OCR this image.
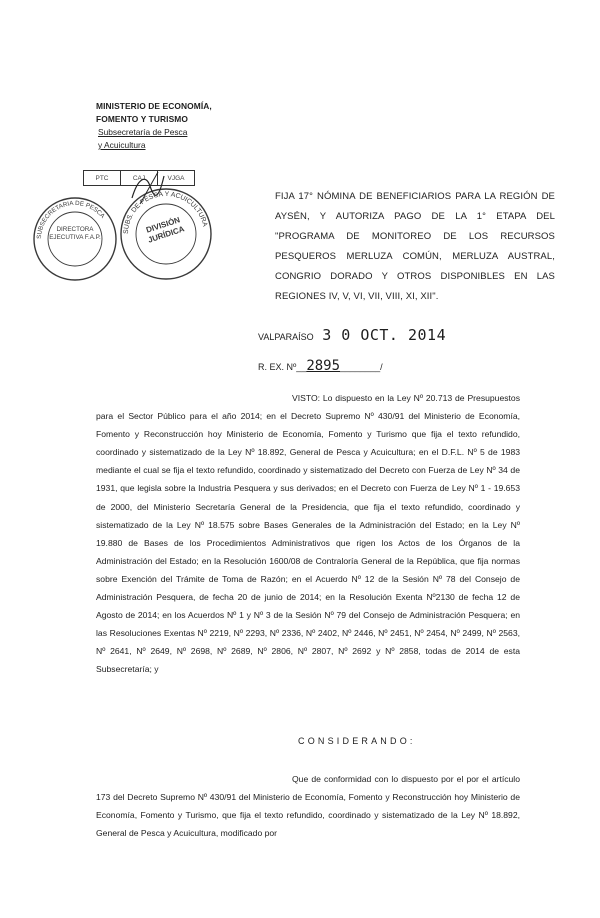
MINISTERIO DE ECONOMÍA,
FOMENTO Y TURISMO
Subsecretaría de Pesca
y Acuicultura
PTC	CAJ	VJGA
SUBSECRETARIA DE PESCA
DIRECTORA EJECUTIVA F.A.P.
SUBS. DE PESCA Y ACUICULTURA
DIVISIÓN JURÍDICA
FIJA 17° NÓMINA DE BENEFICIARIOS PARA LA REGIÓN DE AYSÉN, Y AUTORIZA PAGO DE LA 1° ETAPA DEL "PROGRAMA DE MONITOREO DE LOS RECURSOS PESQUEROS MERLUZA COMÚN, MERLUZA AUSTRAL, CONGRIO DORADO Y OTROS DISPONIBLES EN LAS REGIONES IV, V, VI, VII, VIII, XI, XII".
VALPARAÍSO 3 0 OCT. 2014
R. EX. Nº__2895________/
VISTO: Lo dispuesto en la Ley Nº 20.713 de Presupuestos para el Sector Público para el año 2014; en el Decreto Supremo Nº 430/91 del Ministerio de Economía, Fomento y Reconstrucción hoy Ministerio de Economía, Fomento y Turismo que fija el texto refundido, coordinado y sistematizado de la Ley Nº 18.892, General de Pesca y Acuicultura; en el D.F.L. Nº 5 de 1983 mediante el cual se fija el texto refundido, coordinado y sistematizado del Decreto con Fuerza de Ley Nº 34 de 1931, que legisla sobre la Industria Pesquera y sus derivados; en el Decreto con Fuerza de Ley Nº 1 - 19.653 de 2000, del Ministerio Secretaría General de la Presidencia, que fija el texto refundido, coordinado y sistematizado de la Ley Nº 18.575 sobre Bases Generales de la Administración del Estado; en la Ley Nº 19.880 de Bases de los Procedimientos Administrativos que rigen los Actos de los Órganos de la Administración del Estado; en la Resolución 1600/08 de Contraloría General de la República, que fija normas sobre Exención del Trámite de Toma de Razón; en el Acuerdo Nº 12 de la Sesión Nº 78 del Consejo de Administración Pesquera, de fecha 20 de junio de 2014; en la Resolución Exenta Nº2130 de fecha 12 de Agosto de 2014; en los Acuerdos Nº 1 y Nº 3 de la Sesión Nº 79 del Consejo de Administración Pesquera; en las Resoluciones Exentas Nº 2219, Nº 2293, Nº 2336, Nº 2402, Nº 2446, Nº 2451, Nº 2454, Nº 2499, Nº 2563, Nº 2641, Nº 2649, Nº 2698, Nº 2689, Nº 2806, Nº 2807, Nº 2692 y Nº 2858, todas de 2014 de esta Subsecretaría; y
CONSIDERANDO:
Que de conformidad con lo dispuesto por el por el artículo 173 del Decreto Supremo Nº 430/91 del Ministerio de Economía, Fomento y Reconstrucción hoy Ministerio de Economía, Fomento y Turismo, que fija el texto refundido, coordinado y sistematizado de la Ley Nº 18.892, General de Pesca y Acuicultura, modificado por
